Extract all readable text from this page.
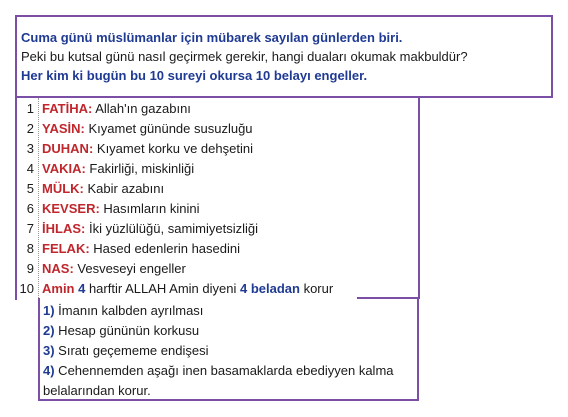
Cuma günü müslümanlar için mübarek sayılan günlerden biri.
Peki bu kutsal günü nasıl geçirmek gerekir, hangi duaları okumak makbuldür?
Her kim ki bugün bu 10 sureyi okursa 10 belayı engeller.
1 FATİHA: Allah'ın gazabını
2 YASİN: Kıyamet gününde susuzluğu
3 DUHAN: Kıyamet korku ve dehşetini
4 VAKIA: Fakirliği, miskinliği
5 MÜLK: Kabir azabını
6 KEVSER: Hasımların kinini
7 İHLAS: İki yüzlülüğü, samimiyetsizliği
8 FELAK: Hased edenlerin hasedini
9 NAS: Vesveseyi engeller
10 Amin 4 harftir ALLAH Amin diyeni 4 beladan korur
1) İmanın kalbden ayrılması
2) Hesap gününün korkusu
3) Sıratı geçememe endişesi
4) Cehennemden aşağı inen basamaklarda ebediyyen kalma
belalarından korur.
